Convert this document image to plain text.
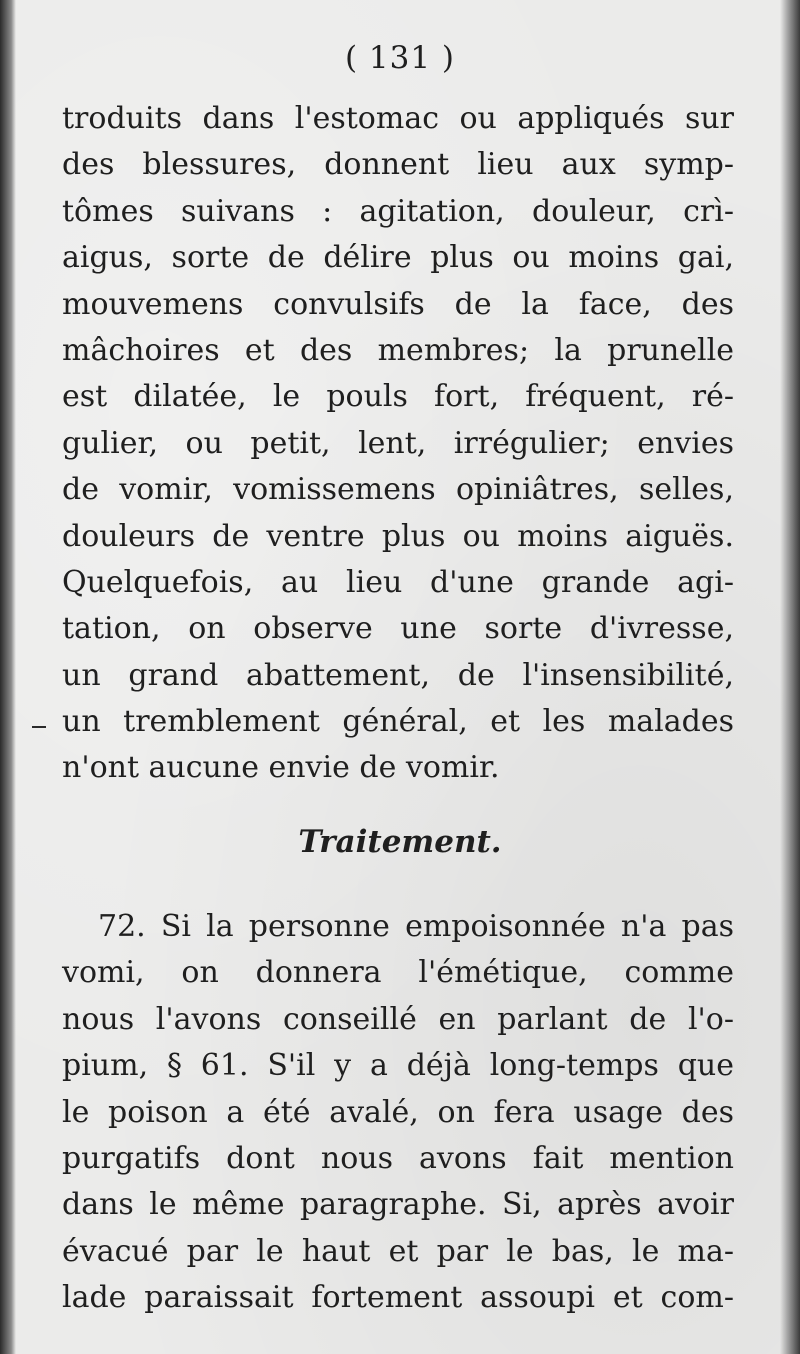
( 131 )
troduits dans l'estomac ou appliqués sur
des blessures, donnent lieu aux symp-
tômes suivans : agitation, douleur, crì-
aigus, sorte de délire plus ou moins gai,
mouvemens convulsifs de la face, des
mâchoires et des membres; la prunelle
est dilatée, le pouls fort, fréquent, ré-
gulier, ou petit, lent, irrégulier; envies
de vomir, vomissemens opiniâtres, selles,
douleurs de ventre plus ou moins aiguës.
Quelquefois, au lieu d'une grande agi-
tation, on observe une sorte d'ivresse,
un grand abattement, de l'insensibilité,
un tremblement général, et les malades
n'ont aucune envie de vomir.
Traitement.
72. Si la personne empoisonnée n'a pas
vomi, on donnera l'émétique, comme
nous l'avons conseillé en parlant de l'o-
pium, § 61. S'il y a déjà long-temps que
le poison a été avalé, on fera usage des
purgatifs dont nous avons fait mention
dans le même paragraphe. Si, après avoir
évacué par le haut et par le bas, le ma-
lade paraissait fortement assoupi et com-
